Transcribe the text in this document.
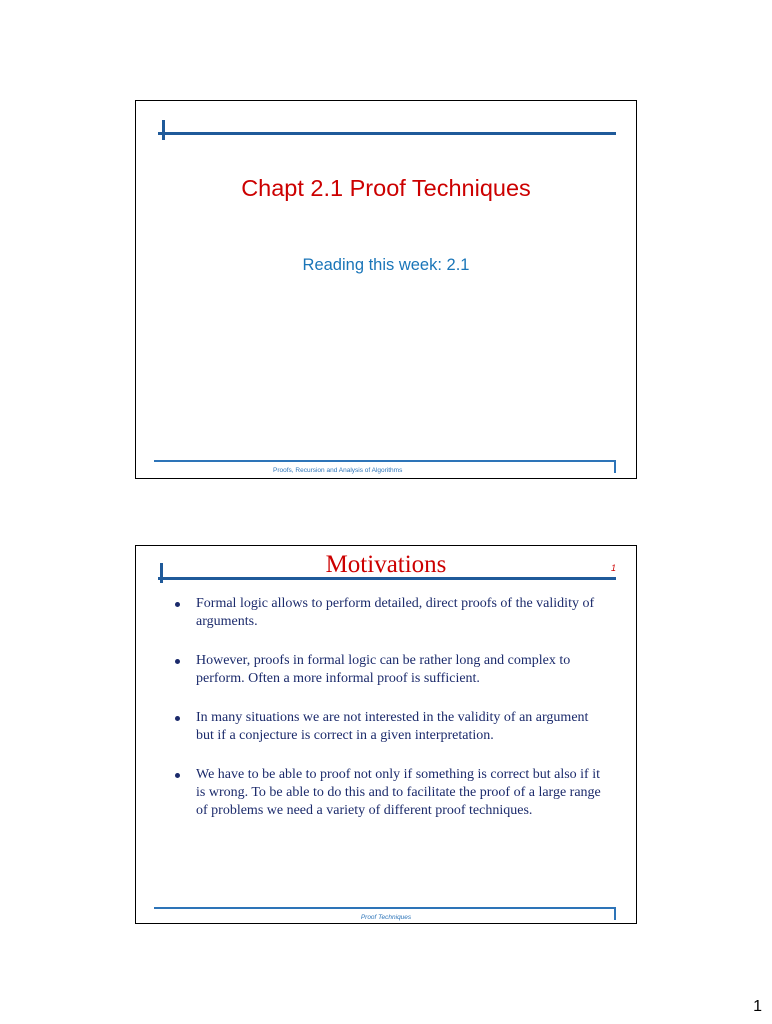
Chapt 2.1 Proof Techniques
Reading this week: 2.1
Proofs, Recursion and Analysis of Algorithms
Motivations	1
Formal logic allows to perform detailed, direct proofs of the validity of arguments.
However, proofs in formal logic can be rather long and complex to perform. Often a more informal proof is sufficient.
In many situations we are not interested in the validity of an argument but if a conjecture is correct in a given interpretation.
We have to be able to proof not only if something is correct but also if it is wrong. To be able to do this and to facilitate the proof of a large range of problems we need a variety of different proof techniques.
Proof Techniques
1
